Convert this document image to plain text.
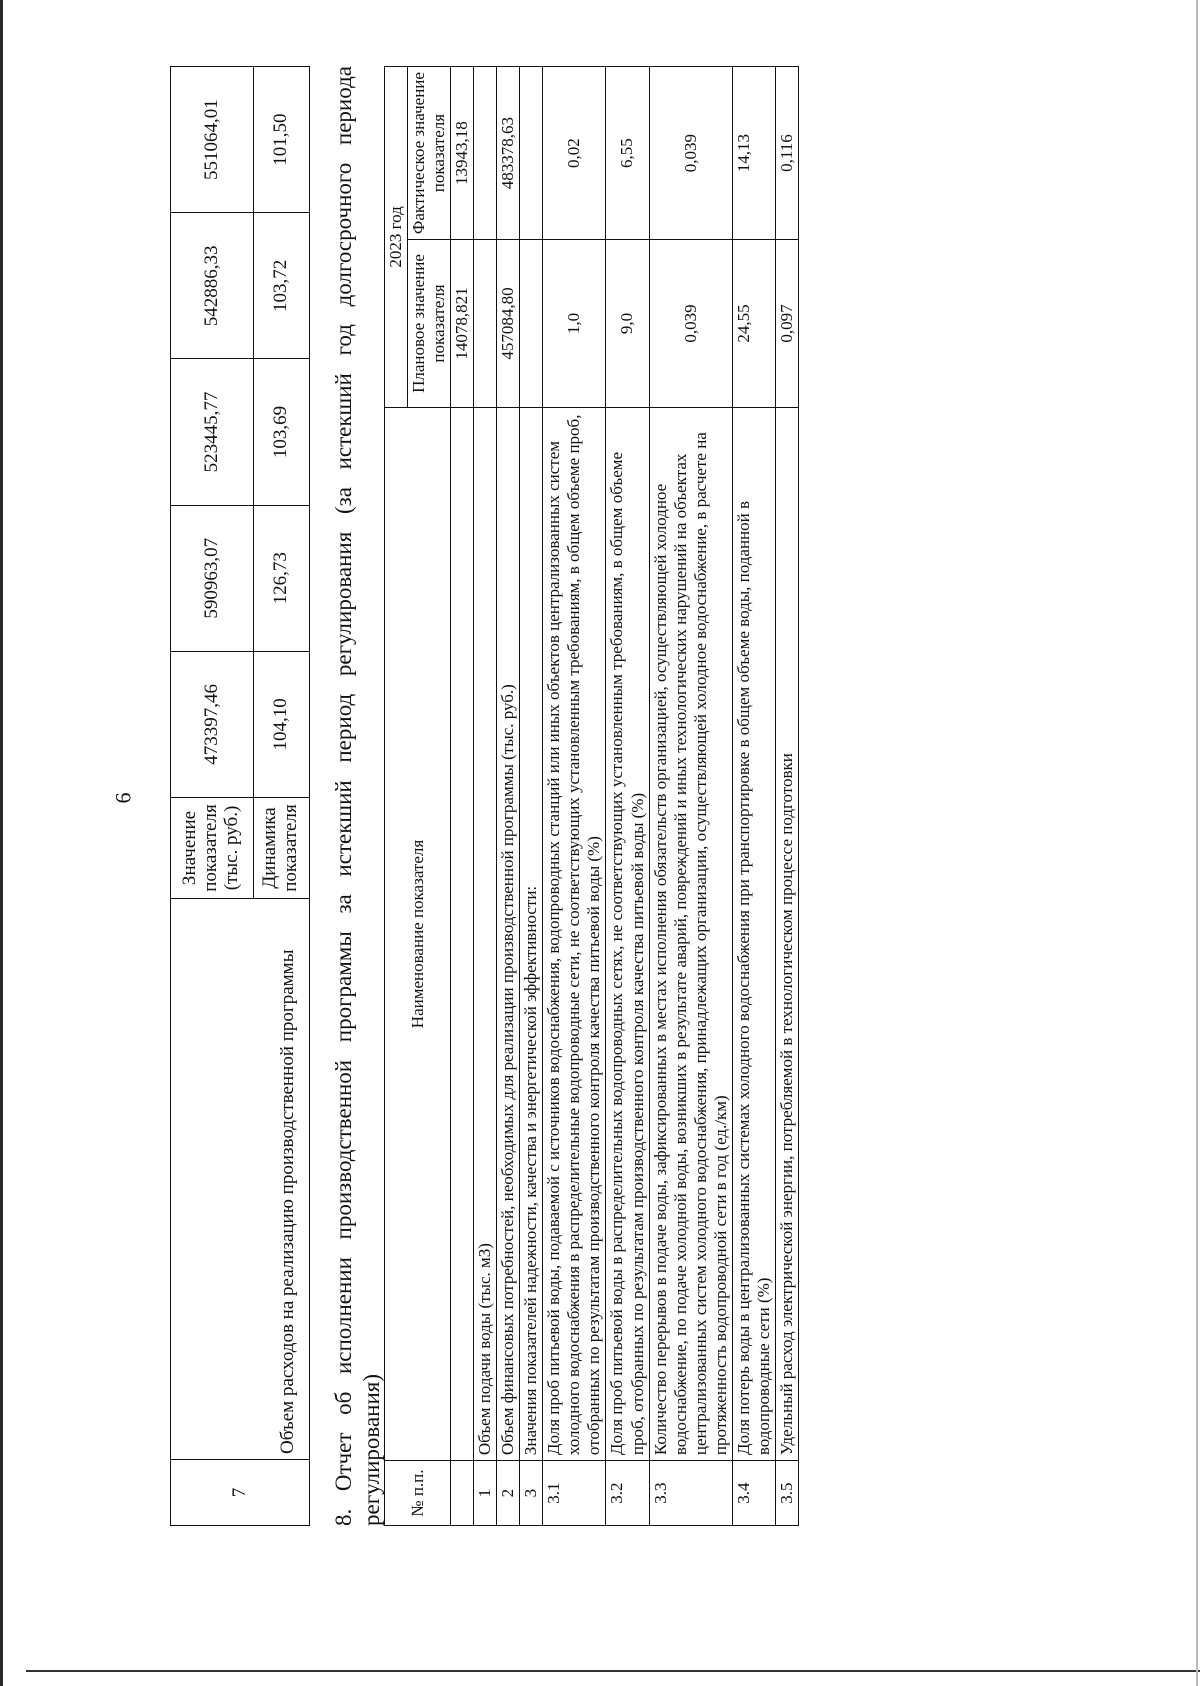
6
7	Объем расходов на реализацию производственной программы	Значение показателя (тыс. руб.)	473397,46	590963,07	523445,77	542886,33	551064,01
		Динамика показателя	104,10	126,73	103,69	103,72	101,50 8. Отчет об исполнении производственной программы за истекший период регулирования (за истекший год долгосрочного периода регулирования) № п.п.	Наименование показателя	2023 год	
		Плановое значение показателя	Фактическое значение показателя
		14078,821	13943,18
1	Объем подачи воды (тыс. м3)		
2	Объем финансовых потребностей, необходимых для реализации производственной программы (тыс. руб.)	457084,80	483378,63
3	Значения показателей надежности, качества и энергетической эффективности:		
3.1	Доля проб питьевой воды, подаваемой с источников водоснабжения, водопроводных станций или иных объектов централизованных систем холодного водоснабжения в распределительные водопроводные сети, не соответствующих установленным требованиям, в общем объеме проб, отобранных по результатам производственного контроля качества питьевой воды (%)	1,0	0,02
3.2	Доля проб питьевой воды в распределительных водопроводных сетях, не соответствующих установленным требованиям, в общем объеме проб, отобранных по результатам производственного контроля качества питьевой воды (%)	9,0	6,55
3.3	Количество перерывов в подаче воды, зафиксированных в местах исполнения обязательств организацией, осуществляющей холодное водоснабжение, по подаче холодной воды, возникших в результате аварий, повреждений и иных технологических нарушений на объектах централизованных систем холодного водоснабжения, принадлежащих организации, осуществляющей холодное водоснабжение, в расчете на протяженность водопроводной сети в год (ед./км)	0,039	0,039
3.4	Доля потерь воды в централизованных системах холодного водоснабжения при транспортировке в общем объеме воды, поданной в водопроводные сети (%)	24,55	14,13
3.5	Удельный расход электрической энергии, потребляемой в технологическом процессе подготовки	0,097	0,116
